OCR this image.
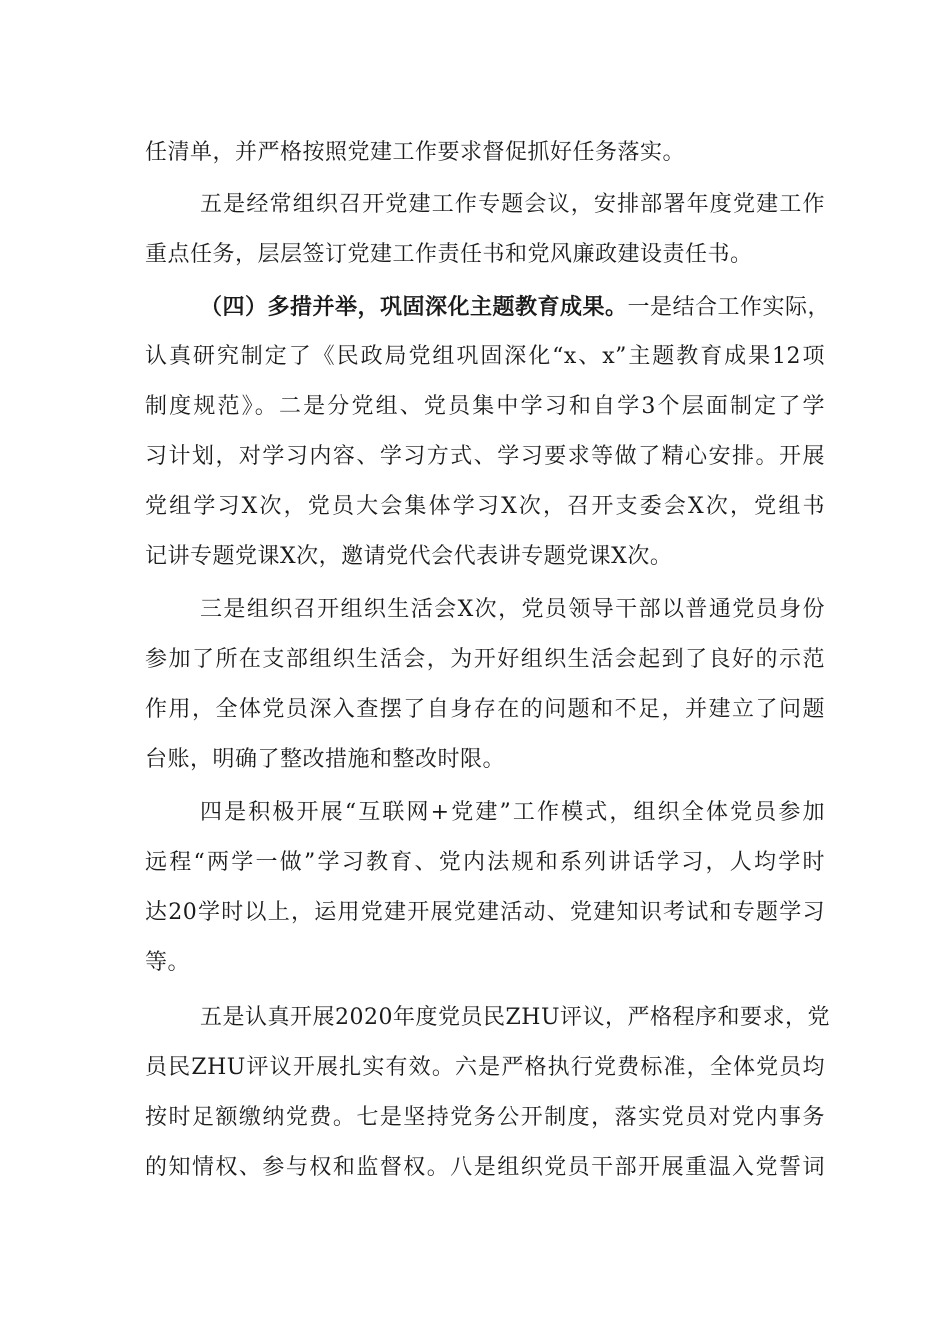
任清单，并严格按照党建工作要求督促抓好任务落实。
五是经常组织召开党建工作专题会议，安排部署年度党建工作
重点任务，层层签订党建工作责任书和党风廉政建设责任书。
（四）多措并举，巩固深化主题教育成果。一是结合工作实际，
认真研究制定了《民政局党组巩固深化“x、x”主题教育成果12项
制度规范》。二是分党组、党员集中学习和自学3个层面制定了学
习计划，对学习内容、学习方式、学习要求等做了精心安排。开展
党组学习X次，党员大会集体学习X次，召开支委会X次，党组书
记讲专题党课X次，邀请党代会代表讲专题党课X次。
三是组织召开组织生活会X次，党员领导干部以普通党员身份
参加了所在支部组织生活会，为开好组织生活会起到了良好的示范
作用，全体党员深入查摆了自身存在的问题和不足，并建立了问题
台账，明确了整改措施和整改时限。
四是积极开展“互联网+党建”工作模式，组织全体党员参加
远程“两学一做”学习教育、党内法规和系列讲话学习，人均学时
达20学时以上，运用党建开展党建活动、党建知识考试和专题学习
等。
五是认真开展2020年度党员民ZHU评议，严格程序和要求，党
员民ZHU评议开展扎实有效。六是严格执行党费标准，全体党员均
按时足额缴纳党费。七是坚持党务公开制度，落实党员对党内事务
的知情权、参与权和监督权。八是组织党员干部开展重温入党誓词
